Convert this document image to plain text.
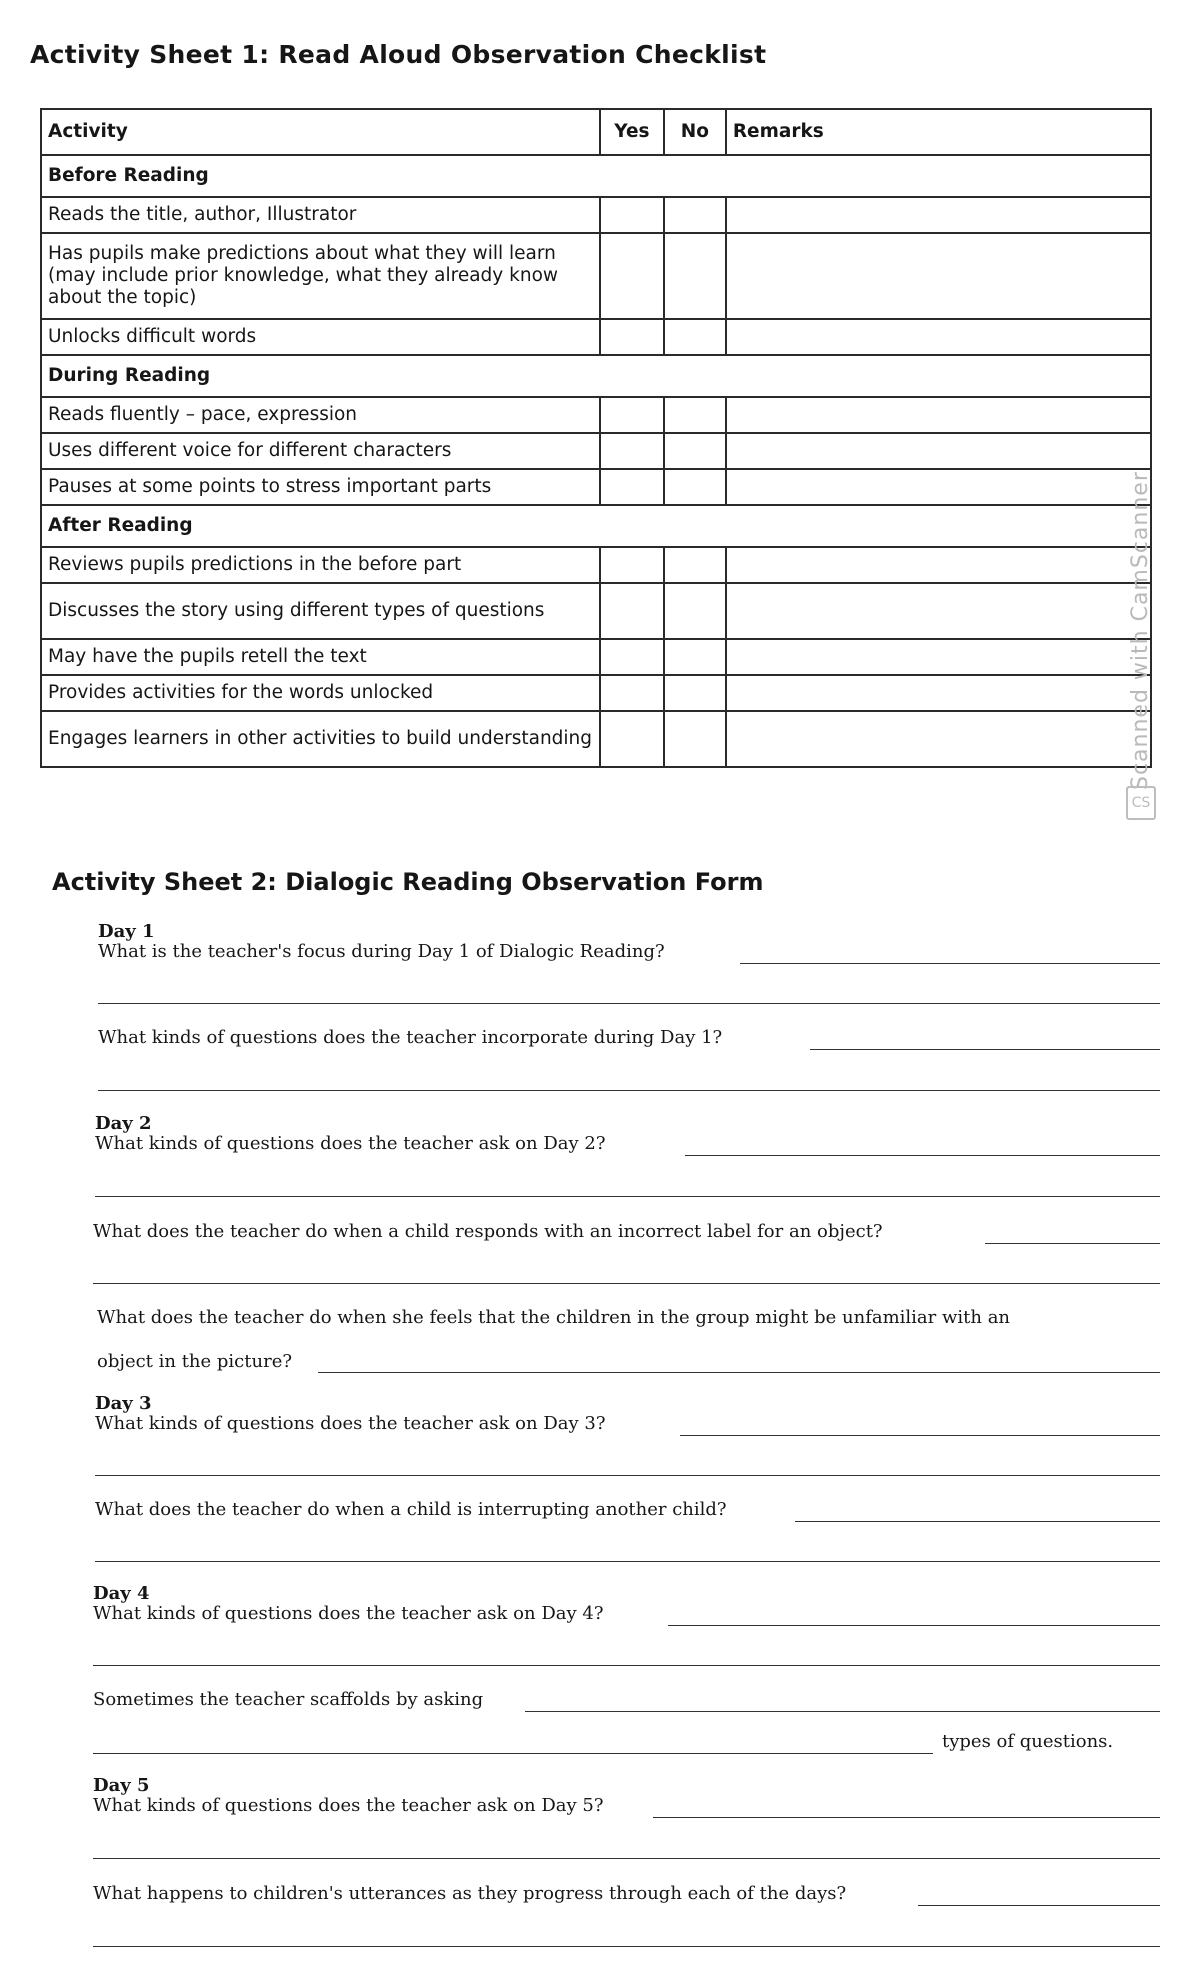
Activity Sheet 1: Read Aloud Observation Checklist
Activity	Yes	No	Remarks
Before Reading			
Reads the title, author, Illustrator			
Has pupils make predictions about what they will learn (may include prior knowledge, what they already know about the topic)			
Unlocks difficult words			
During Reading			
Reads fluently – pace, expression			
Uses different voice for different characters			
Pauses at some points to stress important parts			
After Reading			
Reviews pupils predictions in the before part			
Discusses the story using different types of questions			
May have the pupils retell the text			
Provides activities for the words unlocked			
Engages learners in other activities to build understanding				Scanned with CamScanner
CS
Activity Sheet 2: Dialogic Reading Observation Form
Day 1
What is the teacher's focus during Day 1 of Dialogic Reading?
What kinds of questions does the teacher incorporate during Day 1?
Day 2
What kinds of questions does the teacher ask on Day 2?
What does the teacher do when a child responds with an incorrect label for an object?
What does the teacher do when she feels that the children in the group might be unfamiliar with an
object in the picture?
Day 3
What kinds of questions does the teacher ask on Day 3?
What does the teacher do when a child is interrupting another child?
Day 4
What kinds of questions does the teacher ask on Day 4?
Sometimes the teacher scaffolds by asking
types of questions.
Day 5
What kinds of questions does the teacher ask on Day 5?
What happens to children's utterances as they progress through each of the days?
